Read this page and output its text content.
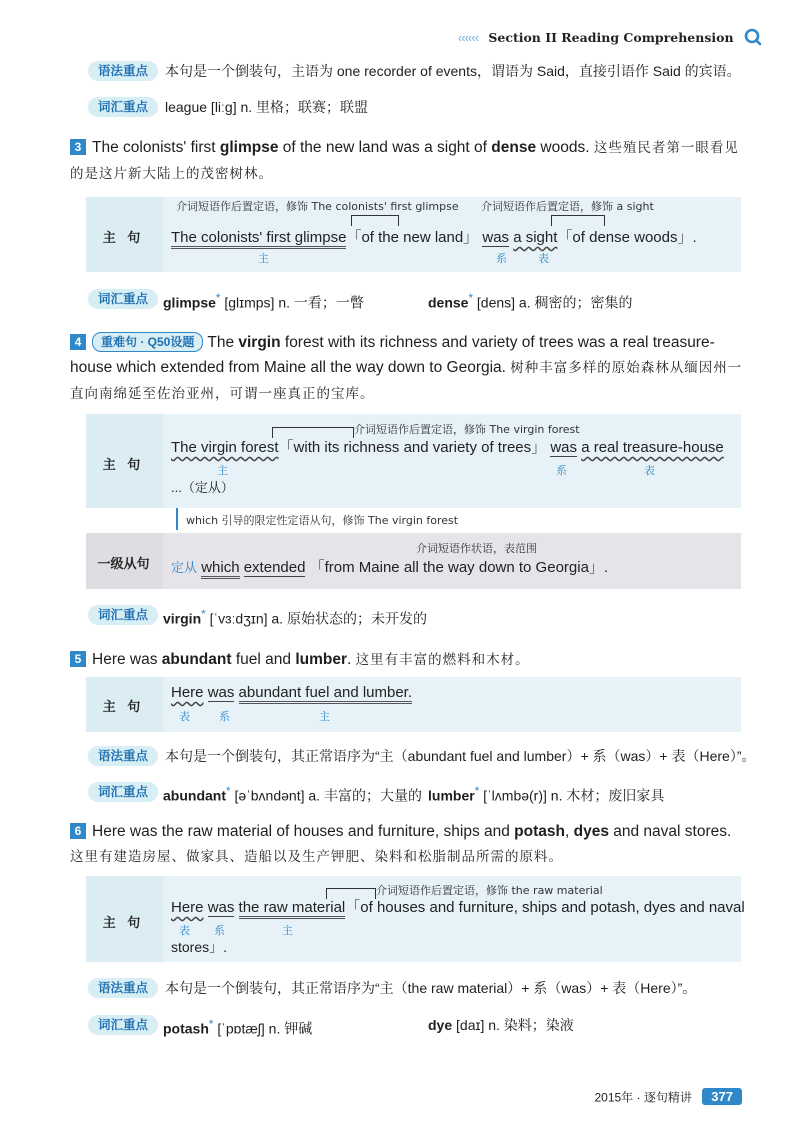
‹‹‹‹‹‹ Section II Reading Comprehension
语法重点	本句是一个倒装句，主语为 one recorder of events，谓语为 Said，直接引语作 Said 的宾语。
词汇重点	league [liːɡ] n. 里格；联赛；联盟
3 The colonists' first glimpse of the new land was a sight of dense woods. 这些殖民者第一眼看见的是这片新大陆上的茂密树林。
主 句
介词短语作后置定语，修饰 The colonists' first glimpse 介词短语作后置定语，修饰 a sight
The colonists' first glimpse「of the new land」 was a sight「of dense woods」.
主	系	表
词汇重点	glimpse* [ɡlɪmps] n. 一看；一瞥	dense* [dens] a. 稠密的；密集的
4 重难句 · Q50设题 The virgin forest with its richness and variety of trees was a real treasure-house which extended from Maine all the way down to Georgia. 树种丰富多样的原始森林从缅因州一直向南绵延至佐治亚州，可谓一座真正的宝库。
主 句
介词短语作后置定语，修饰 The virgin forest
The virgin forest「with its richness and variety of trees」 was a real treasure-house
主	系	表
...（定从）
which 引导的限定性定语从句，修饰 The virgin forest
一级从句
介词短语作状语，表范围
定从 which extended 「from Maine all the way down to Georgia」.
词汇重点	virgin* [ˈvɜːdʒɪn] a. 原始状态的；未开发的
5 Here was abundant fuel and lumber. 这里有丰富的燃料和木材。
主 句
Here was abundant fuel and lumber.
表	系	主
语法重点	本句是一个倒装句，其正常语序为“主（abundant fuel and lumber）+ 系（was）+ 表（Here）”。
词汇重点	abundant* [əˈbʌndənt] a. 丰富的；大量的 lumber* [ˈlʌmbə(r)] n. 木材；废旧家具
6 Here was the raw material of houses and furniture, ships and potash, dyes and naval stores. 这里有建造房屋、做家具、造船以及生产钾肥、染料和松脂制品所需的原料。
主 句
介词短语作后置定语，修饰 the raw material
Here was the raw material「of houses and furniture, ships and potash, dyes and naval
表 系	主
stores」.
语法重点	本句是一个倒装句，其正常语序为“主（the raw material）+ 系（was）+ 表（Here）”。
词汇重点	potash* [ˈpɒtæʃ] n. 钾碱	dye [daɪ] n. 染料；染液
2015年 · 逐句精讲 377
